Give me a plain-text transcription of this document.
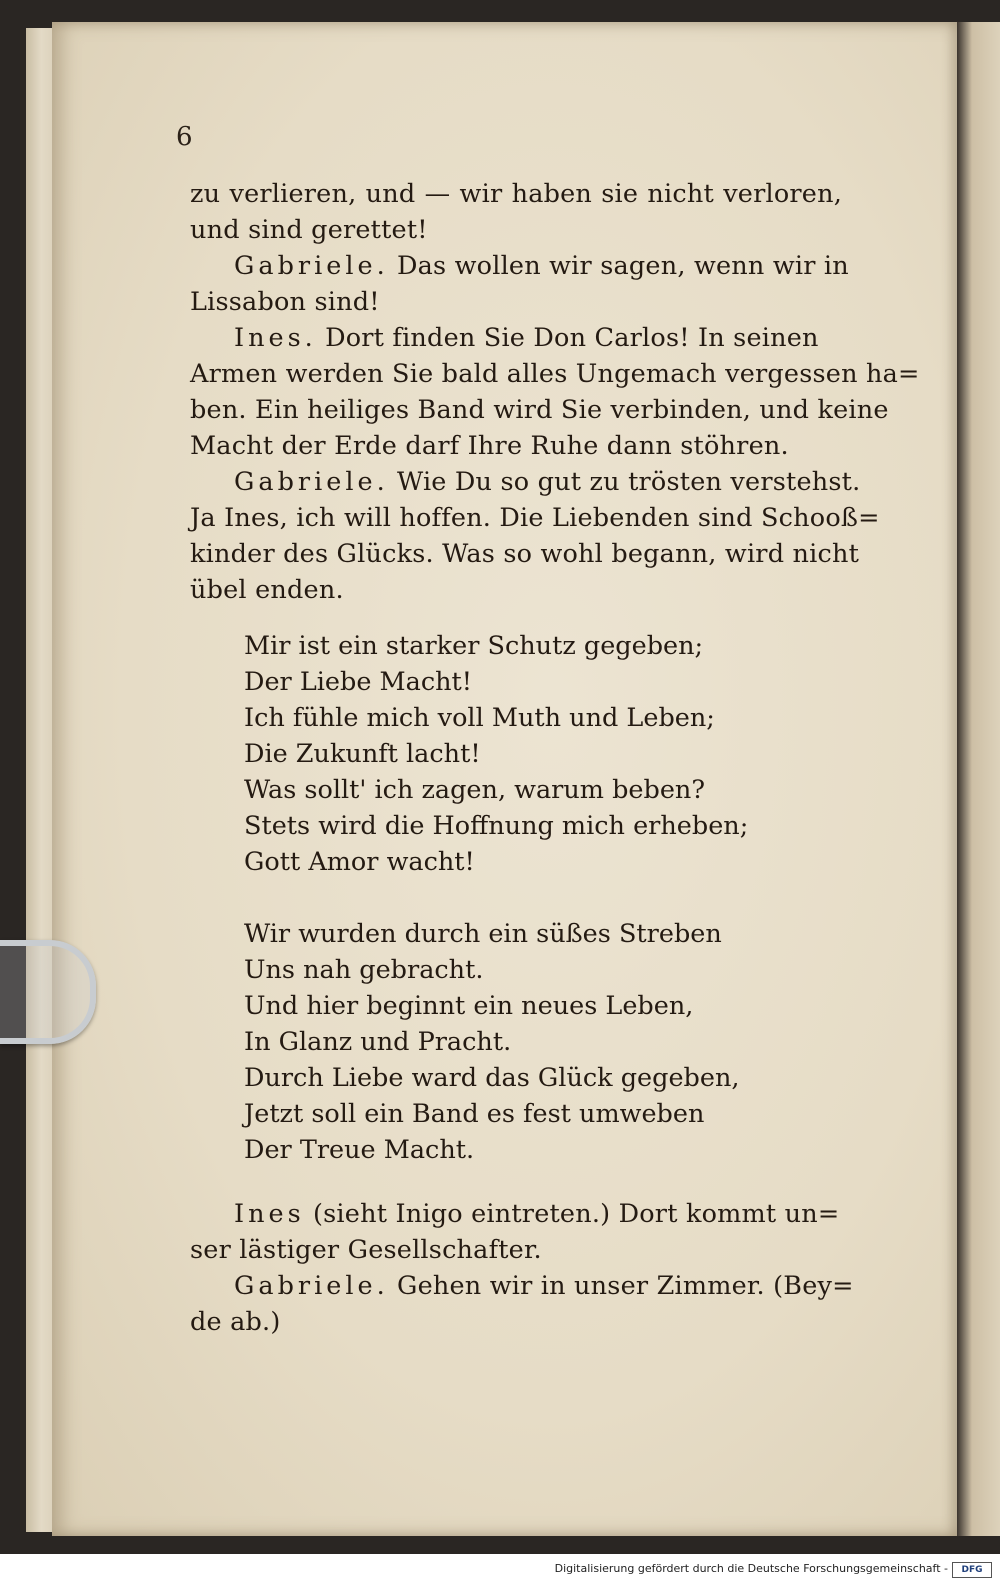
6
zu verlieren, und — wir haben sie nicht verloren,
und sind gerettet!
Gabriele. Das wollen wir sagen, wenn wir in
Lissabon sind!
Ines. Dort finden Sie Don Carlos! In seinen
Armen werden Sie bald alles Ungemach vergessen ha=
ben. Ein heiliges Band wird Sie verbinden, und keine
Macht der Erde darf Ihre Ruhe dann stöhren.
Gabriele. Wie Du so gut zu trösten verstehst.
Ja Ines, ich will hoffen. Die Liebenden sind Schooß=
kinder des Glücks. Was so wohl begann, wird nicht
übel enden.
Mir ist ein starker Schutz gegeben;
Der Liebe Macht!
Ich fühle mich voll Muth und Leben;
Die Zukunft lacht!
Was sollt' ich zagen, warum beben?
Stets wird die Hoffnung mich erheben;
Gott Amor wacht!
Wir wurden durch ein süßes Streben
Uns nah gebracht.
Und hier beginnt ein neues Leben,
In Glanz und Pracht.
Durch Liebe ward das Glück gegeben,
Jetzt soll ein Band es fest umweben
Der Treue Macht.
Ines (sieht Inigo eintreten.) Dort kommt un=
ser lästiger Gesellschafter.
Gabriele. Gehen wir in unser Zimmer. (Bey=
de ab.)
Digitalisierung gefördert durch die Deutsche Forschungsgemeinschaft -	DFG
